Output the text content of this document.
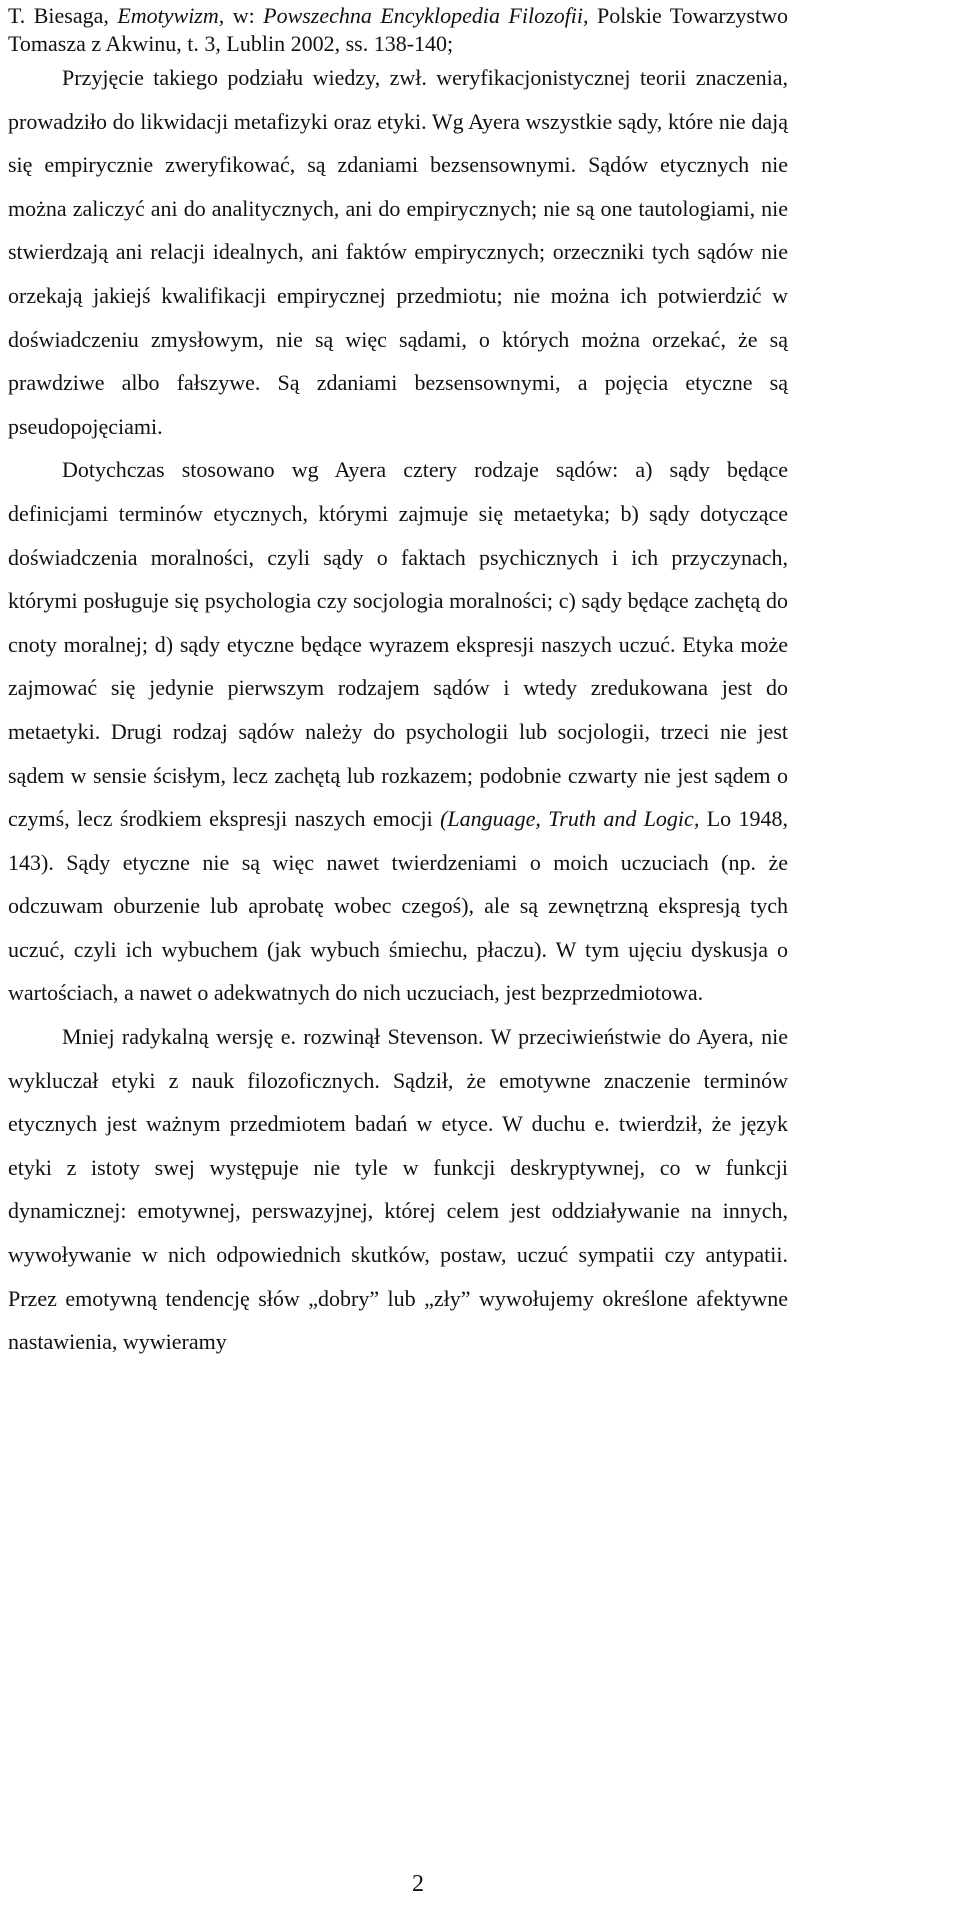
T. Biesaga, Emotywizm, w: Powszechna Encyklopedia Filozofii, Polskie Towarzystwo Tomasza z Akwinu, t. 3, Lublin 2002, ss. 138-140;

Przyjęcie takiego podziału wiedzy, zwł. weryfikacjonistycznej teorii znaczenia, prowadziło do likwidacji metafizyki oraz etyki. Wg Ayera wszystkie sądy, które nie dają się empirycznie zweryfikować, są zdaniami bezsensownymi. Sądów etycznych nie można zaliczyć ani do analitycznych, ani do empirycznych; nie są one tautologiami, nie stwierdzają ani relacji idealnych, ani faktów empirycznych; orzeczniki tych sądów nie orzekają jakiejś kwalifikacji empirycznej przedmiotu; nie można ich potwierdzić w doświadczeniu zmysłowym, nie są więc sądami, o których można orzekać, że są prawdziwe albo fałszywe. Są zdaniami bezsensownymi, a pojęcia etyczne są pseudopojęciami.

Dotychczas stosowano wg Ayera cztery rodzaje sądów: a) sądy będące definicjami terminów etycznych, którymi zajmuje się metaetyka; b) sądy dotyczące doświadczenia moralności, czyli sądy o faktach psychicznych i ich przyczynach, którymi posługuje się psychologia czy socjologia moralności; c) sądy będące zachętą do cnoty moralnej; d) sądy etyczne będące wyrazem ekspresji naszych uczuć. Etyka może zajmować się jedynie pierwszym rodzajem sądów i wtedy zredukowana jest do metaetyki. Drugi rodzaj sądów należy do psychologii lub socjologii, trzeci nie jest sądem w sensie ścisłym, lecz zachętą lub rozkazem; podobnie czwarty nie jest sądem o czymś, lecz środkiem ekspresji naszych emocji (Language, Truth and Logic, Lo 1948, 143). Sądy etyczne nie są więc nawet twierdzeniami o moich uczuciach (np. że odczuwam oburzenie lub aprobatę wobec czegoś), ale są zewnętrzną ekspresją tych uczuć, czyli ich wybuchem (jak wybuch śmiechu, płaczu). W tym ujęciu dyskusja o wartościach, a nawet o adekwatnych do nich uczuciach, jest bezprzedmiotowa.

Mniej radykalną wersję e. rozwinął Stevenson. W przeciwieństwie do Ayera, nie wykluczał etyki z nauk filozoficznych. Sądził, że emotywne znaczenie terminów etycznych jest ważnym przedmiotem badań w etyce. W duchu e. twierdził, że język etyki z istoty swej występuje nie tyle w funkcji deskryptywnej, co w funkcji dynamicznej: emotywnej, perswazyjnej, której celem jest oddziaływanie na innych, wywoływanie w nich odpowiednich skutków, postaw, uczuć sympatii czy antypatii. Przez emotywną tendencję słów „dobry” lub „zły” wywołujemy określone afektywne nastawienia, wywieramy

2
